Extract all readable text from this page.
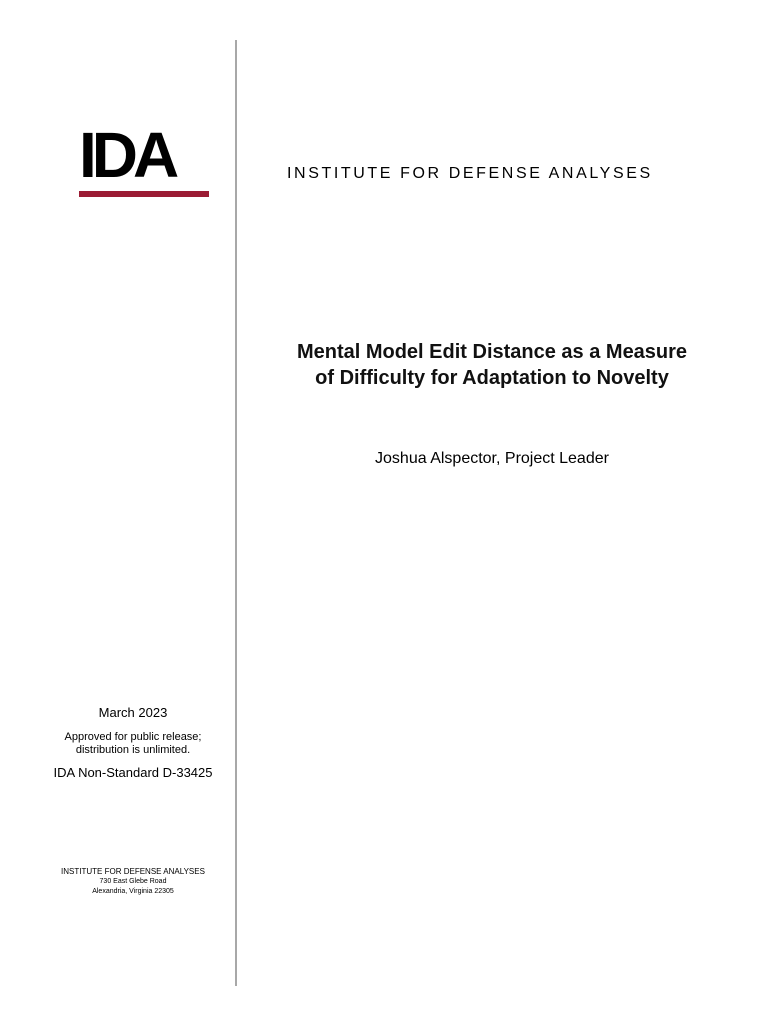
IDA	INSTITUTE FOR DEFENSE ANALYSES
Mental Model Edit Distance as a Measure
of Difficulty for Adaptation to Novelty
Joshua Alspector, Project Leader
March 2023
Approved for public release;
distribution is unlimited.
IDA Non-Standard D-33425
INSTITUTE FOR DEFENSE ANALYSES
730 East Glebe Road
Alexandria, Virginia 22305
